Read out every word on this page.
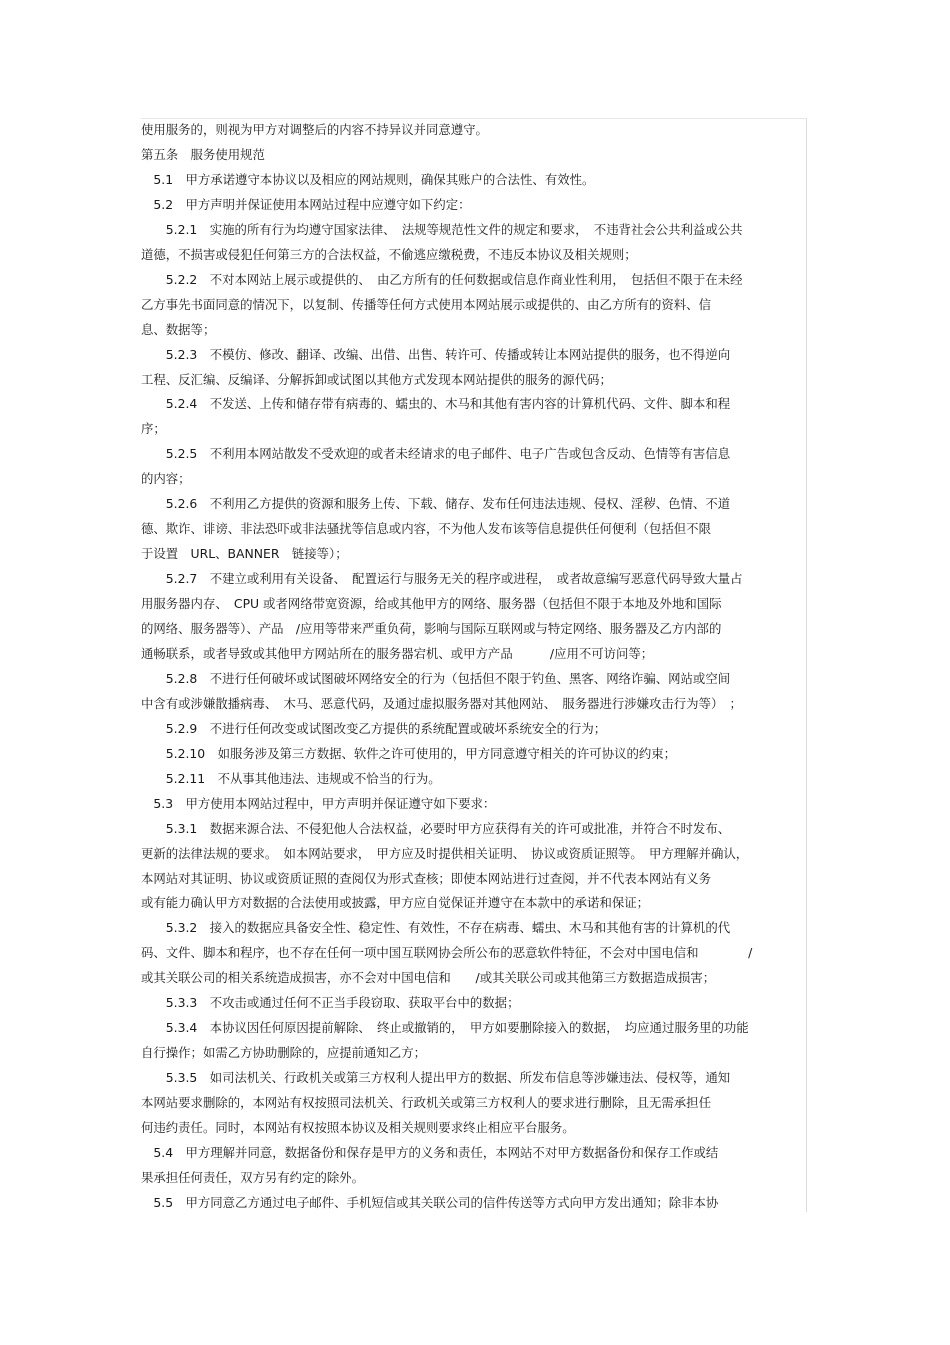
使用服务的，则视为甲方对调整后的内容不持异议并同意遵守。
第五条　服务使用规范
　5.1　甲方承诺遵守本协议以及相应的网站规则，确保其账户的合法性、有效性。
　5.2　甲方声明并保证使用本网站过程中应遵守如下约定：
　　5.2.1　实施的所有行为均遵守国家法律、　法规等规范性文件的规定和要求，　不违背社会公共利益或公共
道德，不损害或侵犯任何第三方的合法权益，不偷逃应缴税费，不违反本协议及相关规则；
　　5.2.2　不对本网站上展示或提供的、　由乙方所有的任何数据或信息作商业性利用，　包括但不限于在未经
乙方事先书面同意的情况下，以复制、传播等任何方式使用本网站展示或提供的、由乙方所有的资料、信
息、数据等；
　　5.2.3　不模仿、修改、翻译、改编、出借、出售、转许可、传播或转让本网站提供的服务，也不得逆向
工程、反汇编、反编译、分解拆卸或试图以其他方式发现本网站提供的服务的源代码；
　　5.2.4　不发送、上传和储存带有病毒的、蠕虫的、木马和其他有害内容的计算机代码、文件、脚本和程
序；
　　5.2.5　不利用本网站散发不受欢迎的或者未经请求的电子邮件、电子广告或包含反动、色情等有害信息
的内容；
　　5.2.6　不利用乙方提供的资源和服务上传、下载、储存、发布任何违法违规、侵权、淫秽、色情、不道
德、欺诈、诽谤、非法恐吓或非法骚扰等信息或内容，不为他人发布该等信息提供任何便利（包括但不限
于设置　URL、BANNER　链接等）；
　　5.2.7　不建立或利用有关设备、　配置运行与服务无关的程序或进程，　或者故意编写恶意代码导致大量占
用服务器内存、　CPU 或者网络带宽资源，给或其他甲方的网络、服务器（包括但不限于本地及外地和国际
的网络、服务器等）、产品　/应用等带来严重负荷，影响与国际互联网或与特定网络、服务器及乙方内部的
通畅联系，或者导致或其他甲方网站所在的服务器宕机、或甲方产品　　　/应用不可访问等；
　　5.2.8　不进行任何破坏或试图破坏网络安全的行为（包括但不限于钓鱼、黑客、网络诈骗、网站或空间
中含有或涉嫌散播病毒、　木马、恶意代码，及通过虚拟服务器对其他网站、　服务器进行涉嫌攻击行为等）　；
　　5.2.9　不进行任何改变或试图改变乙方提供的系统配置或破坏系统安全的行为；
　　5.2.10　如服务涉及第三方数据、软件之许可使用的，甲方同意遵守相关的许可协议的约束；
　　5.2.11　不从事其他违法、违规或不恰当的行为。
　5.3　甲方使用本网站过程中，甲方声明并保证遵守如下要求：
　　5.3.1　数据来源合法、不侵犯他人合法权益，必要时甲方应获得有关的许可或批准，并符合不时发布、
更新的法律法规的要求。　如本网站要求，　甲方应及时提供相关证明、　协议或资质证照等。　甲方理解并确认，
本网站对其证明、协议或资质证照的查阅仅为形式查核；即使本网站进行过查阅，并不代表本网站有义务
或有能力确认甲方对数据的合法使用或披露，甲方应自觉保证并遵守在本款中的承诺和保证；
　　5.3.2　接入的数据应具备安全性、稳定性、有效性，不存在病毒、蠕虫、木马和其他有害的计算机的代
码、文件、脚本和程序，也不存在任何一项中国互联网协会所公布的恶意软件特征，不会对中国电信和　　　　/
或其关联公司的相关系统造成损害，亦不会对中国电信和　　/或其关联公司或其他第三方数据造成损害；
　　5.3.3　不攻击或通过任何不正当手段窃取、获取平台中的数据；
　　5.3.4　本协议因任何原因提前解除、　终止或撤销的，　甲方如要删除接入的数据，　均应通过服务里的功能
自行操作；如需乙方协助删除的，应提前通知乙方；
　　5.3.5　如司法机关、行政机关或第三方权利人提出甲方的数据、所发布信息等涉嫌违法、侵权等，通知
本网站要求删除的，本网站有权按照司法机关、行政机关或第三方权利人的要求进行删除，且无需承担任
何违约责任。同时，本网站有权按照本协议及相关规则要求终止相应平台服务。
　5.4　甲方理解并同意，数据备份和保存是甲方的义务和责任，本网站不对甲方数据备份和保存工作或结
果承担任何责任，双方另有约定的除外。
　5.5　甲方同意乙方通过电子邮件、手机短信或其关联公司的信件传送等方式向甲方发出通知；除非本协
